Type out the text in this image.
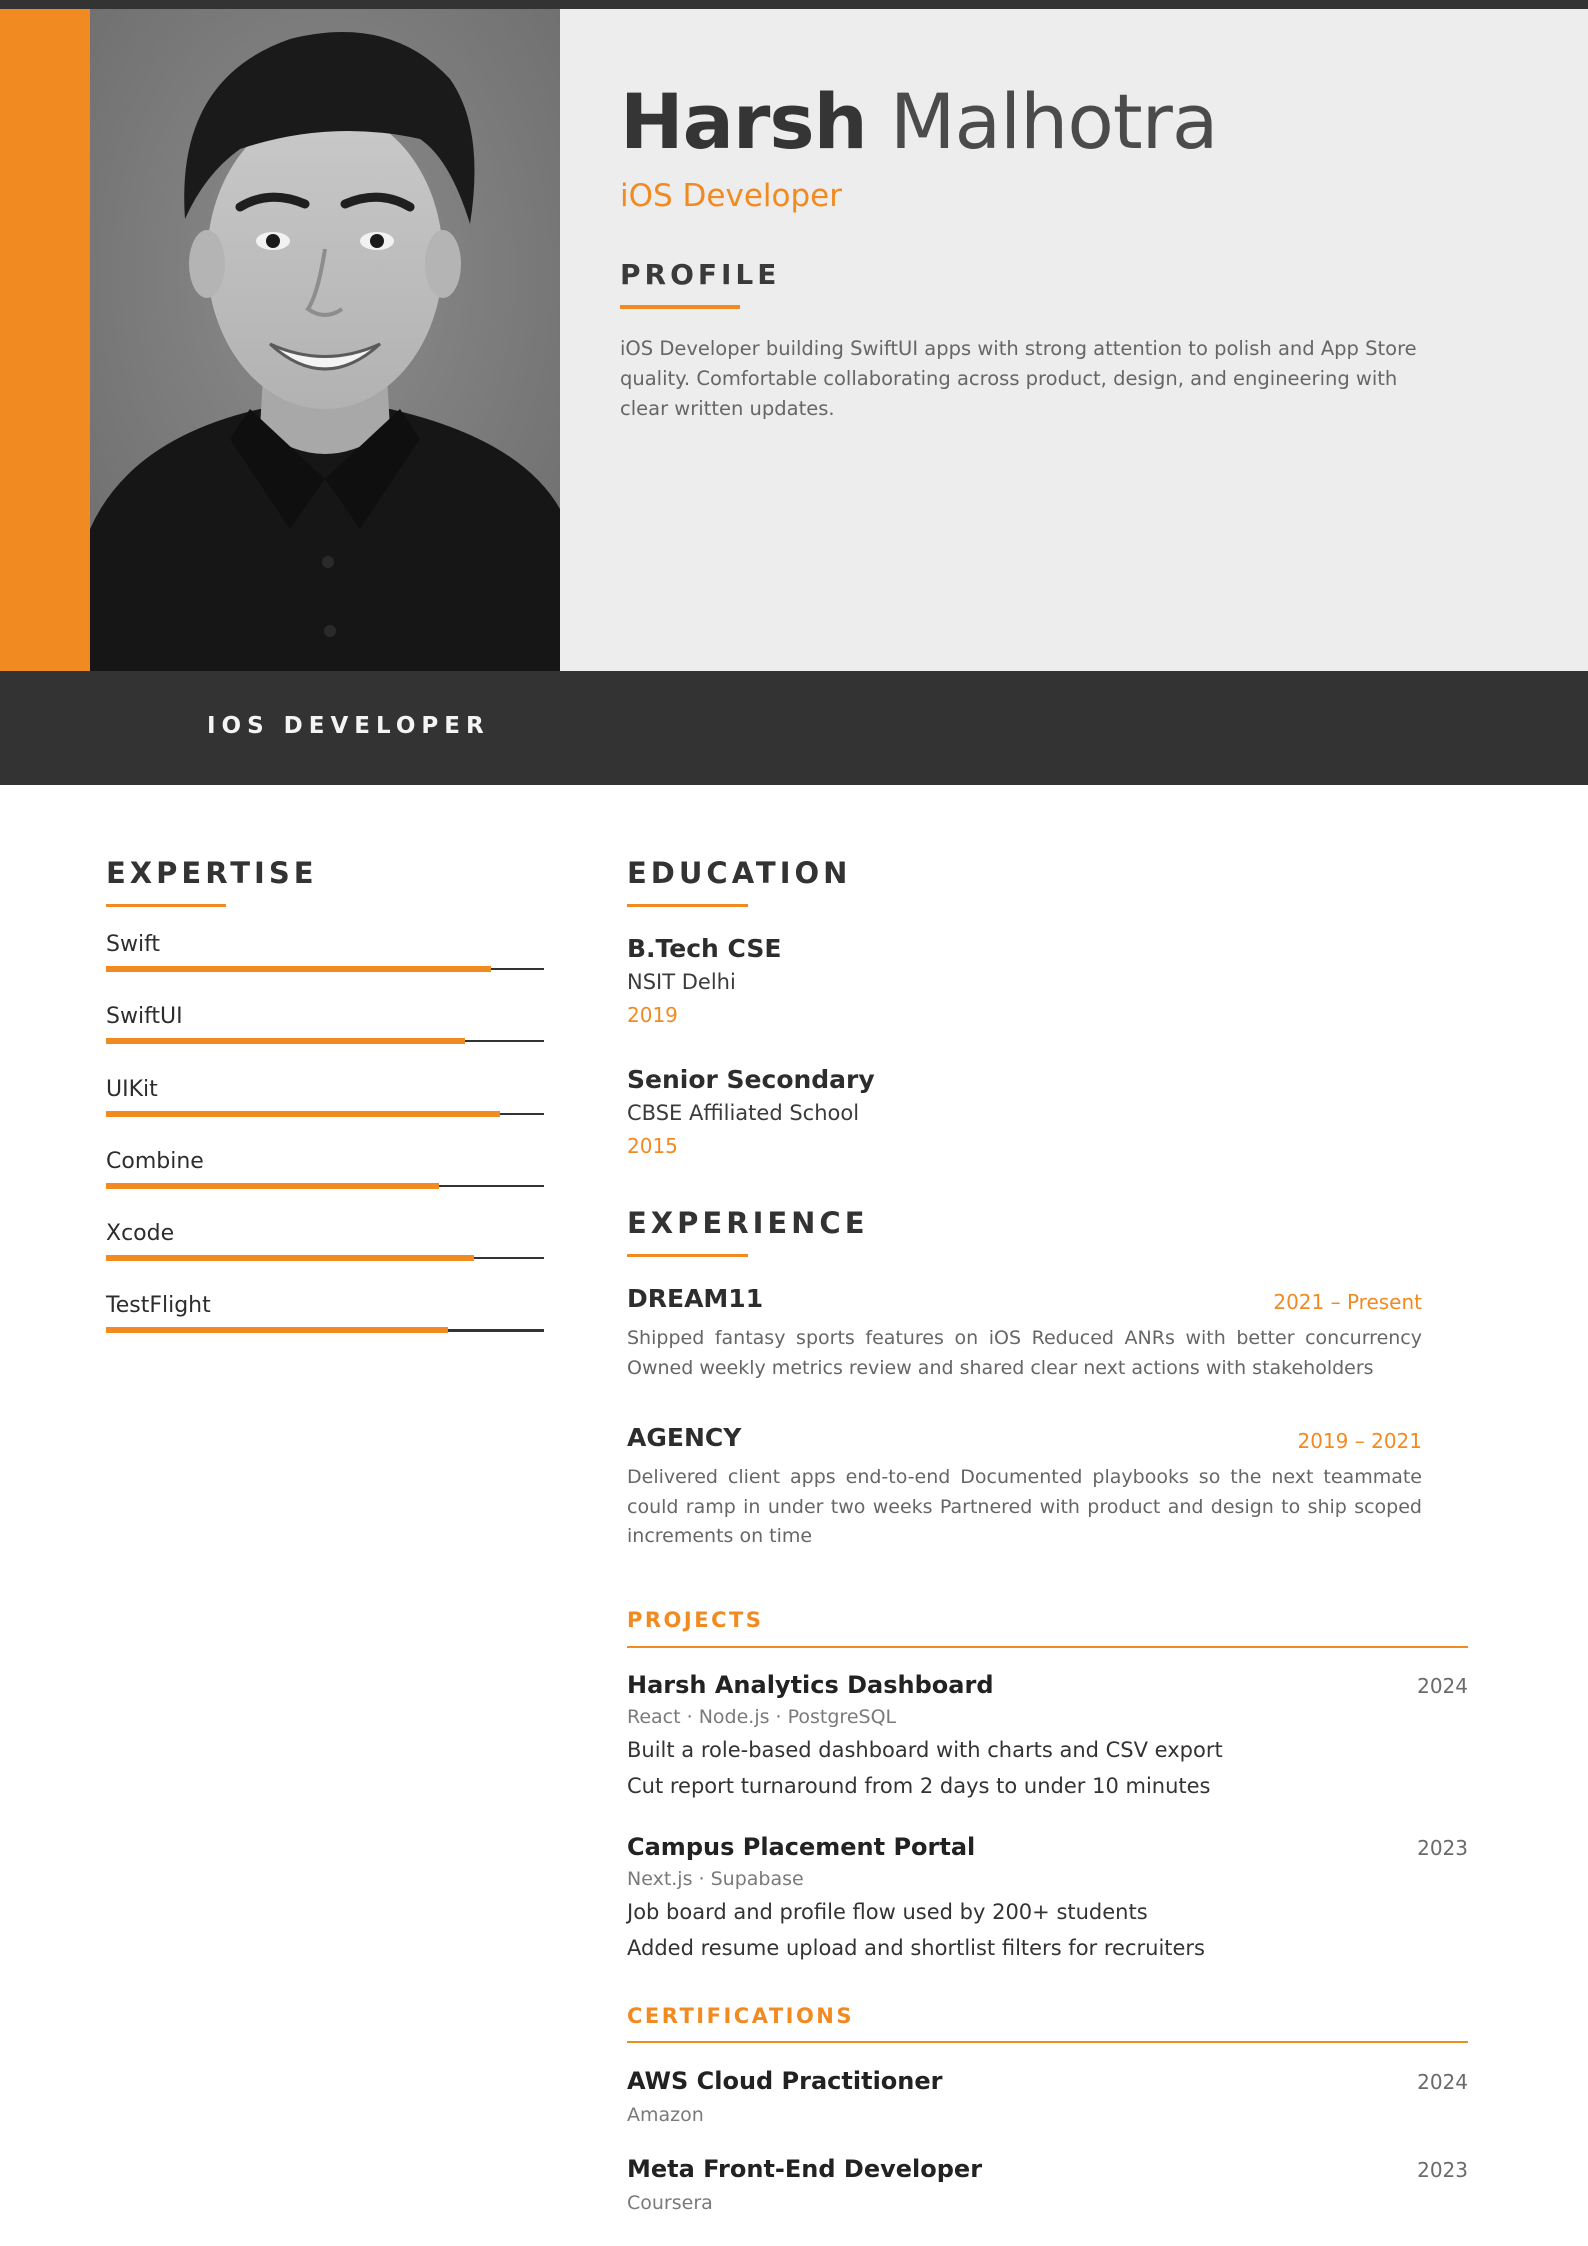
Harsh Malhotra
iOS Developer
PROFILE
iOS Developer building SwiftUI apps with strong attention to polish and App Store quality. Comfortable collaborating across product, design, and engineering with clear written updates.
IOS DEVELOPER
EXPERTISE
Swift
SwiftUI
UIKit
Combine
Xcode
TestFlight
EDUCATION
B.Tech CSE
NSIT Delhi
2019
Senior Secondary
CBSE Affiliated School
2015
EXPERIENCE
DREAM11	2021 – Present
Shipped fantasy sports features on iOS Reduced ANRs with better concurrency Owned weekly metrics review and shared clear next actions with stakeholders
AGENCY	2019 – 2021
Delivered client apps end-to-end Documented playbooks so the next teammate could ramp in under two weeks Partnered with product and design to ship scoped increments on time
PROJECTS
Harsh Analytics Dashboard	2024
React · Node.js · PostgreSQL
Built a role-based dashboard with charts and CSV export
Cut report turnaround from 2 days to under 10 minutes
Campus Placement Portal	2023
Next.js · Supabase
Job board and profile flow used by 200+ students
Added resume upload and shortlist filters for recruiters
CERTIFICATIONS
AWS Cloud Practitioner	2024
Amazon
Meta Front-End Developer	2023
Coursera
